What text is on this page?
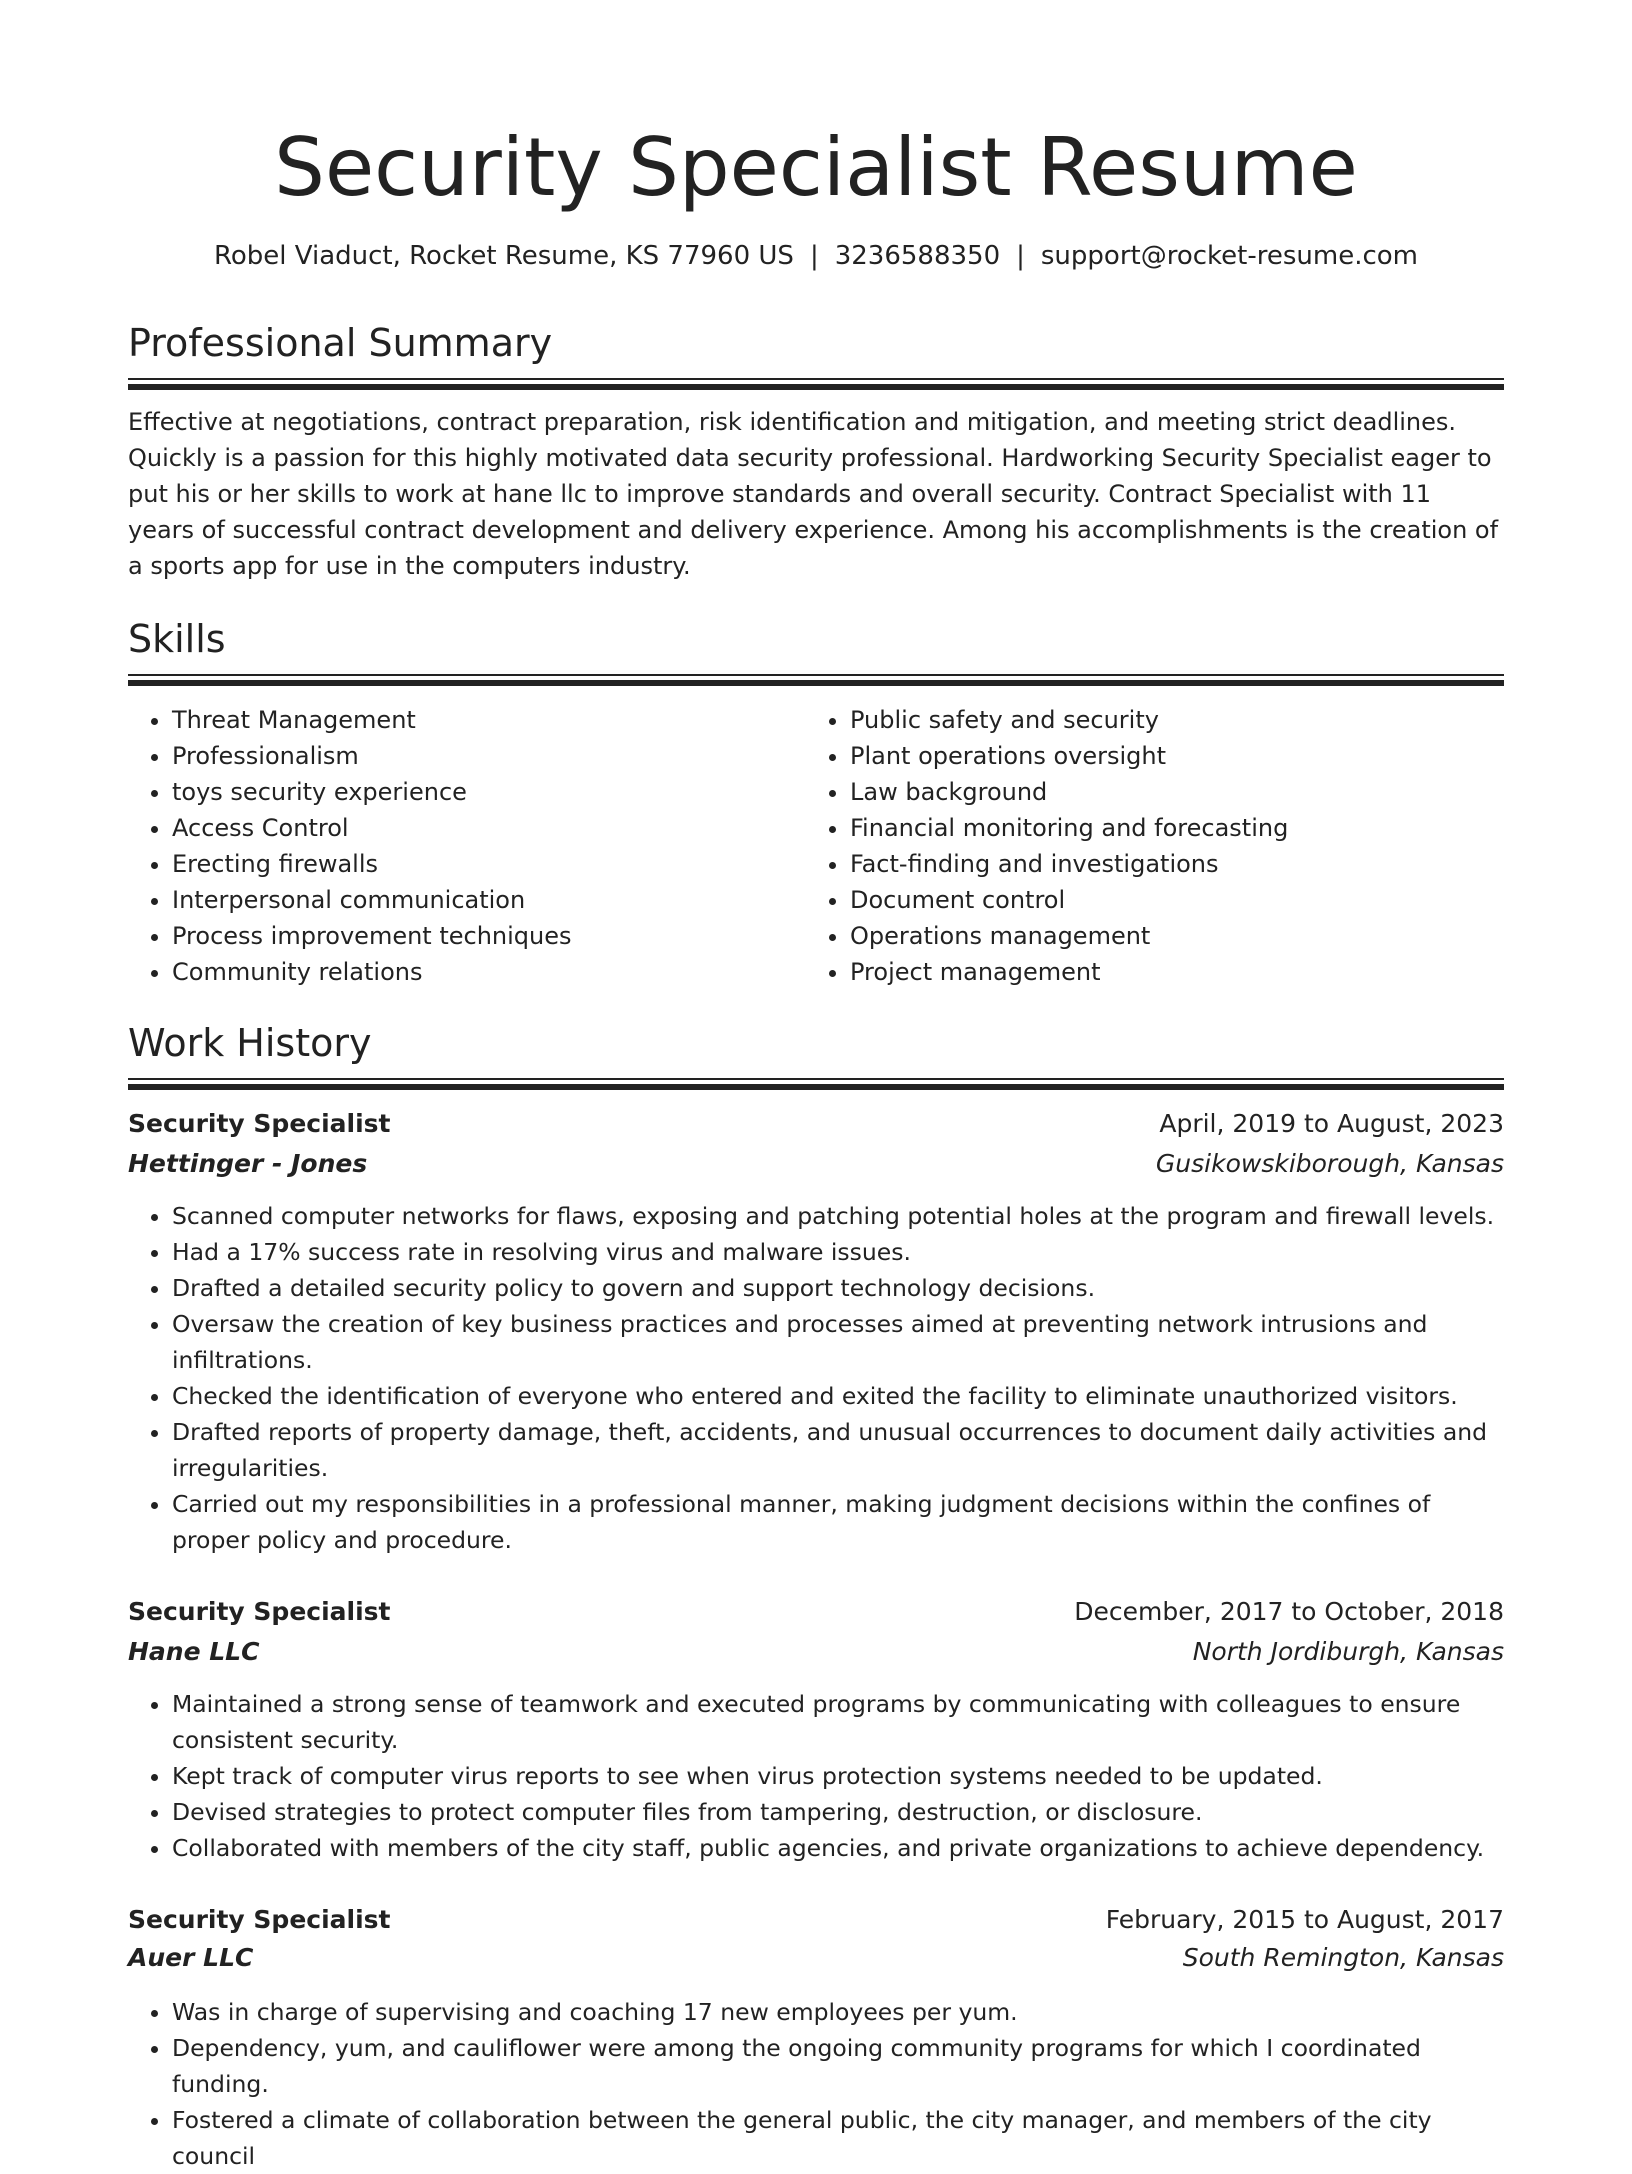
Security Specialist Resume
Robel Viaduct, Rocket Resume, KS 77960 US | 3236588350 | support@rocket-resume.com
Professional Summary

Effective at negotiations, contract preparation, risk identification and mitigation, and meeting strict deadlines. Quickly is a passion for this highly motivated data security professional. Hardworking Security Specialist eager to put his or her skills to work at hane llc to improve standards and overall security. Contract Specialist with 11 years of successful contract development and delivery experience. Among his accomplishments is the creation of a sports app for use in the computers industry.

Skills
• Threat Management
• Professionalism
• toys security experience
• Access Control
• Erecting firewalls
• Interpersonal communication
• Process improvement techniques
• Community relations
• Public safety and security
• Plant operations oversight
• Law background
• Financial monitoring and forecasting
• Fact-finding and investigations
• Document control
• Operations management
• Project management
Work History
Security Specialist	April, 2019 to August, 2023
Hettinger - Jones	Gusikowskiborough, Kansas
• Scanned computer networks for flaws, exposing and patching potential holes at the program and firewall levels.
• Had a 17% success rate in resolving virus and malware issues.
• Drafted a detailed security policy to govern and support technology decisions.
• Oversaw the creation of key business practices and processes aimed at preventing network intrusions and infiltrations.
• Checked the identification of everyone who entered and exited the facility to eliminate unauthorized visitors.
• Drafted reports of property damage, theft, accidents, and unusual occurrences to document daily activities and irregularities.
• Carried out my responsibilities in a professional manner, making judgment decisions within the confines of proper policy and procedure.
Security Specialist	December, 2017 to October, 2018
Hane LLC	North Jordiburgh, Kansas
• Maintained a strong sense of teamwork and executed programs by communicating with colleagues to ensure consistent security.
• Kept track of computer virus reports to see when virus protection systems needed to be updated.
• Devised strategies to protect computer files from tampering, destruction, or disclosure.
• Collaborated with members of the city staff, public agencies, and private organizations to achieve dependency.
Security Specialist	February, 2015 to August, 2017
Auer LLC	South Remington, Kansas
• Was in charge of supervising and coaching 17 new employees per yum.
• Dependency, yum, and cauliflower were among the ongoing community programs for which I coordinated funding.
• Fostered a climate of collaboration between the general public, the city manager, and members of the city council
